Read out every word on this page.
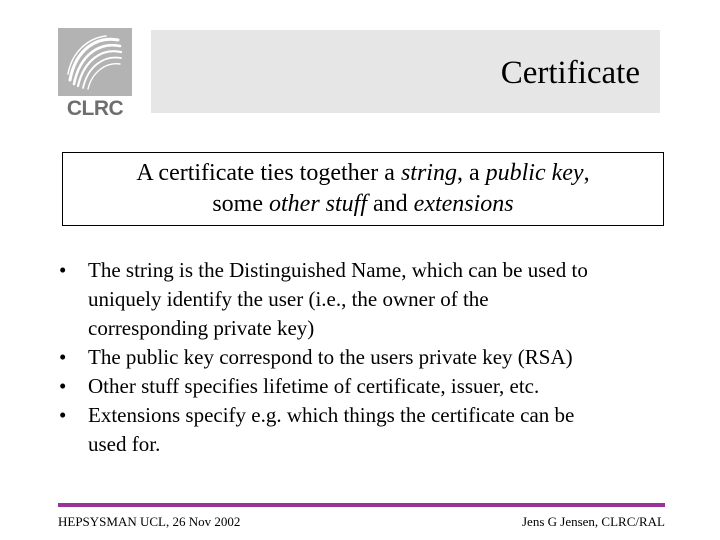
CLRC
Certificate
A certificate ties together a string, a public key,
some other stuff and extensions
• The string is the Distinguished Name, which can be used to
uniquely identify the user (i.e., the owner of the
corresponding private key)
• The public key correspond to the users private key (RSA)
• Other stuff specifies lifetime of certificate, issuer, etc.
• Extensions specify e.g. which things the certificate can be
used for.
HEPSYSMAN UCL, 26 Nov 2002	Jens G Jensen, CLRC/RAL
